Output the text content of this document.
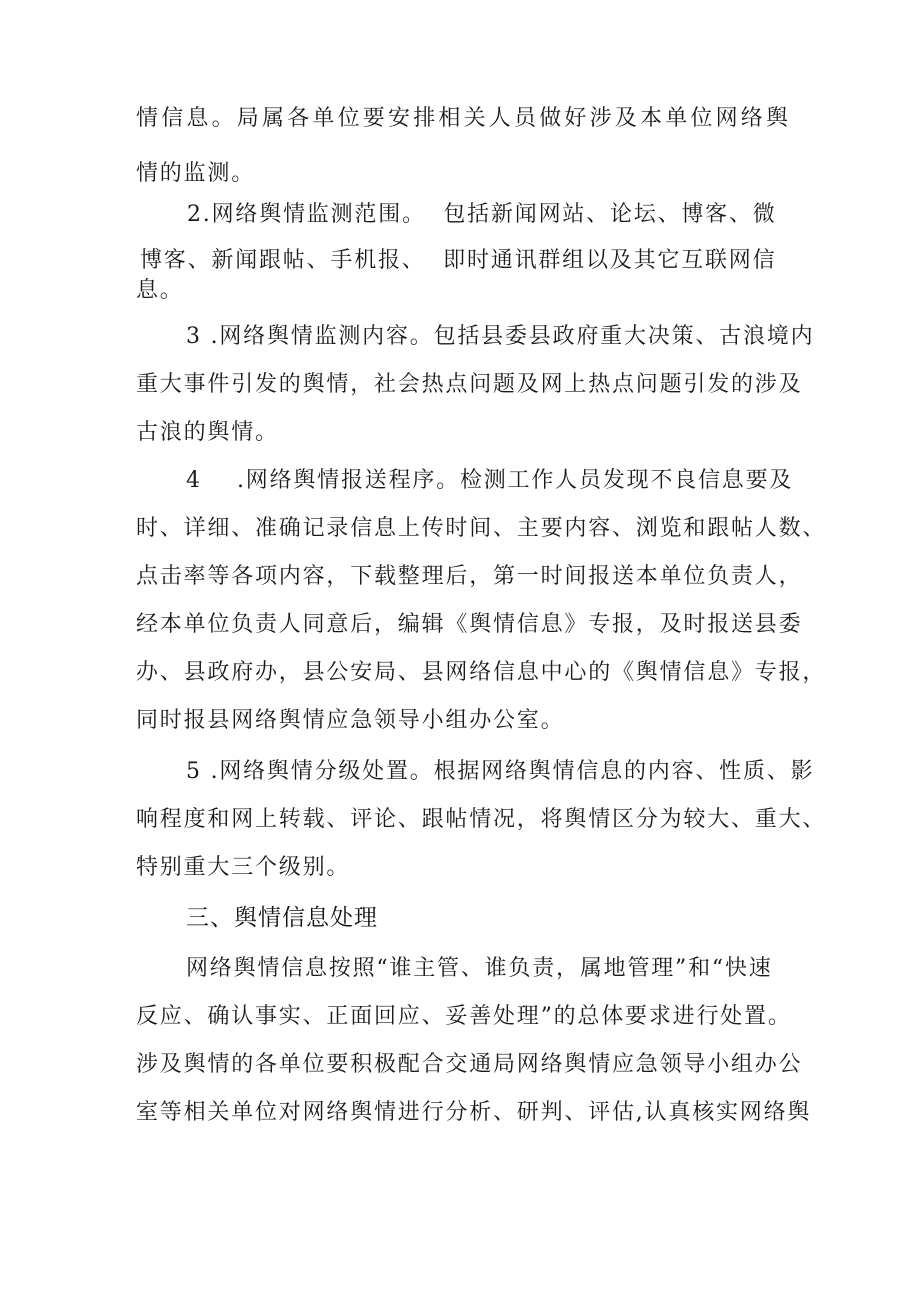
情信息。局属各单位要安排相关人员做好涉及本单位网络舆

情的监测。

2.网络舆情监测范围。  包括新闻网站、论坛、博客、微

博客、新闻跟帖、手机报、  即时通讯群组以及其它互联网信

息。

3 .网络舆情监测内容。包括县委县政府重大决策、古浪境内

重大事件引发的舆情，社会热点问题及网上热点问题引发的涉及

古浪的舆情。

4    .网络舆情报送程序。检测工作人员发现不良信息要及

时、详细、准确记录信息上传时间、主要内容、浏览和跟帖人数、

点击率等各项内容，下载整理后，第一时间报送本单位负责人，

经本单位负责人同意后，编辑《舆情信息》专报，及时报送县委

办、县政府办，县公安局、县网络信息中心的《舆情信息》专报，

同时报县网络舆情应急领导小组办公室。

5 .网络舆情分级处置。根据网络舆情信息的内容、性质、影

响程度和网上转载、评论、跟帖情况，将舆情区分为较大、重大、

特别重大三个级别。

三、舆情信息处理

网络舆情信息按照“谁主管、谁负责，属地管理”和“快速

反应、确认事实、正面回应、妥善处理”的总体要求进行处置。

涉及舆情的各单位要积极配合交通局网络舆情应急领导小组办公

室等相关单位对网络舆情进行分析、研判、评估,认真核实网络舆
